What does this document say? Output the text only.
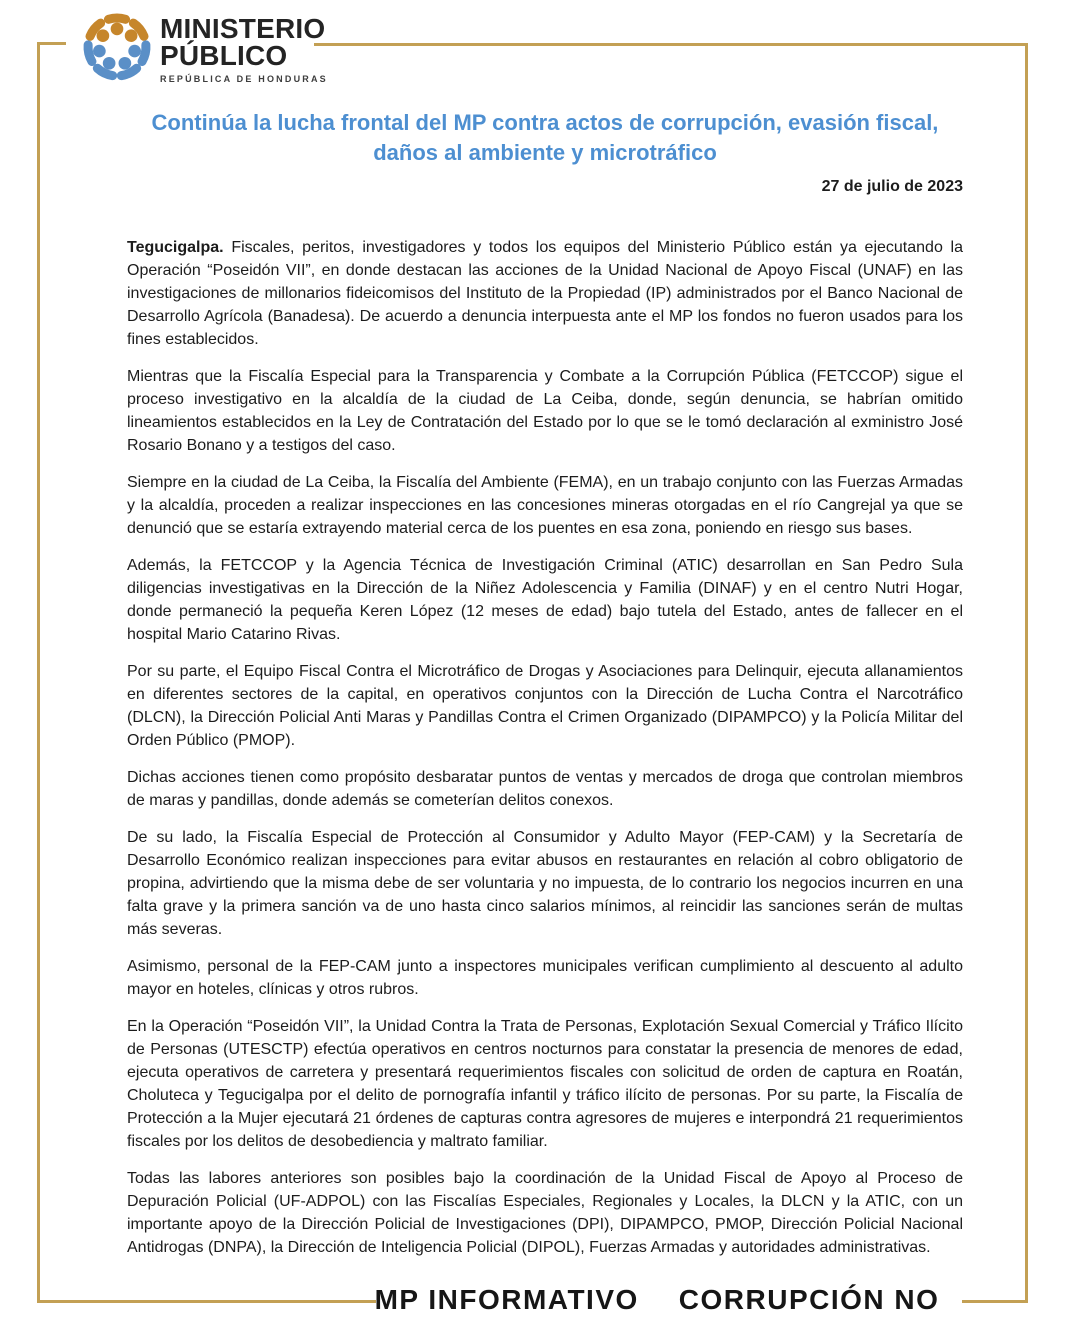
MINISTERIO
PÚBLICO
REPÚBLICA DE HONDURAS
Continúa la lucha frontal del MP contra actos de corrupción, evasión fiscal, daños al ambiente y microtráfico
27 de julio de 2023

Tegucigalpa. Fiscales, peritos, investigadores y todos los equipos del Ministerio Público están ya ejecutando la Operación “Poseidón VII”, en donde destacan las acciones de la Unidad Nacional de Apoyo Fiscal (UNAF) en las investigaciones de millonarios fideicomisos del Instituto de la Propiedad (IP) administrados por el Banco Nacional de Desarrollo Agrícola (Banadesa). De acuerdo a denuncia interpuesta ante el MP los fondos no fueron usados para los fines establecidos.

Mientras que la Fiscalía Especial para la Transparencia y Combate a la Corrupción Pública (FETCCOP) sigue el proceso investigativo en la alcaldía de la ciudad de La Ceiba, donde, según denuncia, se habrían omitido lineamientos establecidos en la Ley de Contratación del Estado por lo que se le tomó declaración al exministro José Rosario Bonano y a testigos del caso.

Siempre en la ciudad de La Ceiba, la Fiscalía del Ambiente (FEMA), en un trabajo conjunto con las Fuerzas Armadas y la alcaldía, proceden a realizar inspecciones en las concesiones mineras otorgadas en el río Cangrejal ya que se denunció que se estaría extrayendo material cerca de los puentes en esa zona, poniendo en riesgo sus bases.

Además, la FETCCOP y la Agencia Técnica de Investigación Criminal (ATIC) desarrollan en San Pedro Sula diligencias investigativas en la Dirección de la Niñez Adolescencia y Familia (DINAF) y en el centro Nutri Hogar, donde permaneció la pequeña Keren López (12 meses de edad) bajo tutela del Estado, antes de fallecer en el hospital Mario Catarino Rivas.

Por su parte, el Equipo Fiscal Contra el Microtráfico de Drogas y Asociaciones para Delinquir, ejecuta allanamientos en diferentes sectores de la capital, en operativos conjuntos con la Dirección de Lucha Contra el Narcotráfico (DLCN), la Dirección Policial Anti Maras y Pandillas Contra el Crimen Organizado (DIPAMPCO) y la Policía Militar del Orden Público (PMOP).

Dichas acciones tienen como propósito desbaratar puntos de ventas y mercados de droga que controlan miembros de maras y pandillas, donde además se cometerían delitos conexos.

De su lado, la Fiscalía Especial de Protección al Consumidor y Adulto Mayor (FEP-CAM) y la Secretaría de Desarrollo Económico realizan inspecciones para evitar abusos en restaurantes en relación al cobro obligatorio de propina, advirtiendo que la misma debe de ser voluntaria y no impuesta, de lo contrario los negocios incurren en una falta grave y la primera sanción va de uno hasta cinco salarios mínimos, al reincidir las sanciones serán de multas más severas.

Asimismo, personal de la FEP-CAM junto a inspectores municipales verifican cumplimiento al descuento al adulto mayor en hoteles, clínicas y otros rubros.

En la Operación “Poseidón VII”, la Unidad Contra la Trata de Personas, Explotación Sexual Comercial y Tráfico Ilícito de Personas (UTESCTP) efectúa operativos en centros nocturnos para constatar la presencia de menores de edad, ejecuta operativos de carretera y presentará requerimientos fiscales con solicitud de orden de captura en Roatán, Choluteca y Tegucigalpa por el delito de pornografía infantil y tráfico ilícito de personas. Por su parte, la Fiscalía de Protección a la Mujer ejecutará 21 órdenes de capturas contra agresores de mujeres e interpondrá 21 requerimientos fiscales por los delitos de desobediencia y maltrato familiar.

Todas las labores anteriores son posibles bajo la coordinación de la Unidad Fiscal de Apoyo al Proceso de Depuración Policial (UF-ADPOL) con las Fiscalías Especiales, Regionales y Locales, la DLCN y la ATIC, con un importante apoyo de la Dirección Policial de Investigaciones (DPI), DIPAMPCO, PMOP, Dirección Policial Nacional Antidrogas (DNPA), la Dirección de Inteligencia Policial (DIPOL), Fuerzas Armadas y autoridades administrativas.

MP INFORMATIVO CORRUPCIÓN NO
